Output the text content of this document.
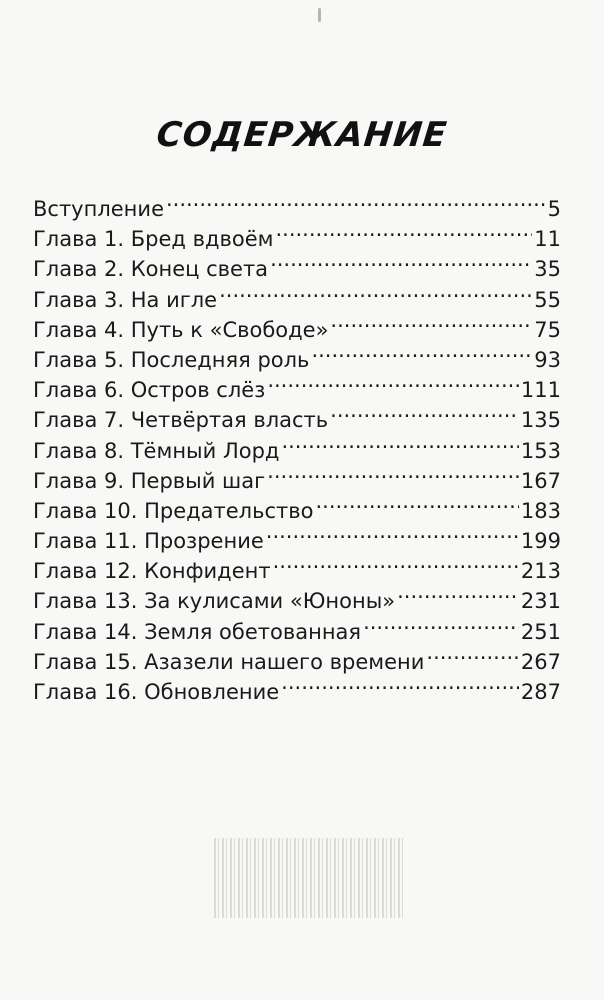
СОДЕРЖАНИЕ
Вступление .....	5
Глава 1. Бред вдвоём .....	11
Глава 2. Конец света .....	35
Глава 3. На игле .....	55
Глава 4. Путь к «Свободе» .....	75
Глава 5. Последняя роль .....	93
Глава 6. Остров слёз .....	111
Глава 7. Четвёртая власть .....	135
Глава 8. Тёмный Лорд .....	153
Глава 9. Первый шаг .....	167
Глава 10. Предательство .....	183
Глава 11. Прозрение .....	199
Глава 12. Конфидент .....	213
Глава 13. За кулисами «Юноны» .....	231
Глава 14. Земля обетованная .....	251
Глава 15. Азазели нашего времени .....	267
Глава 16. Обновление .....	287
